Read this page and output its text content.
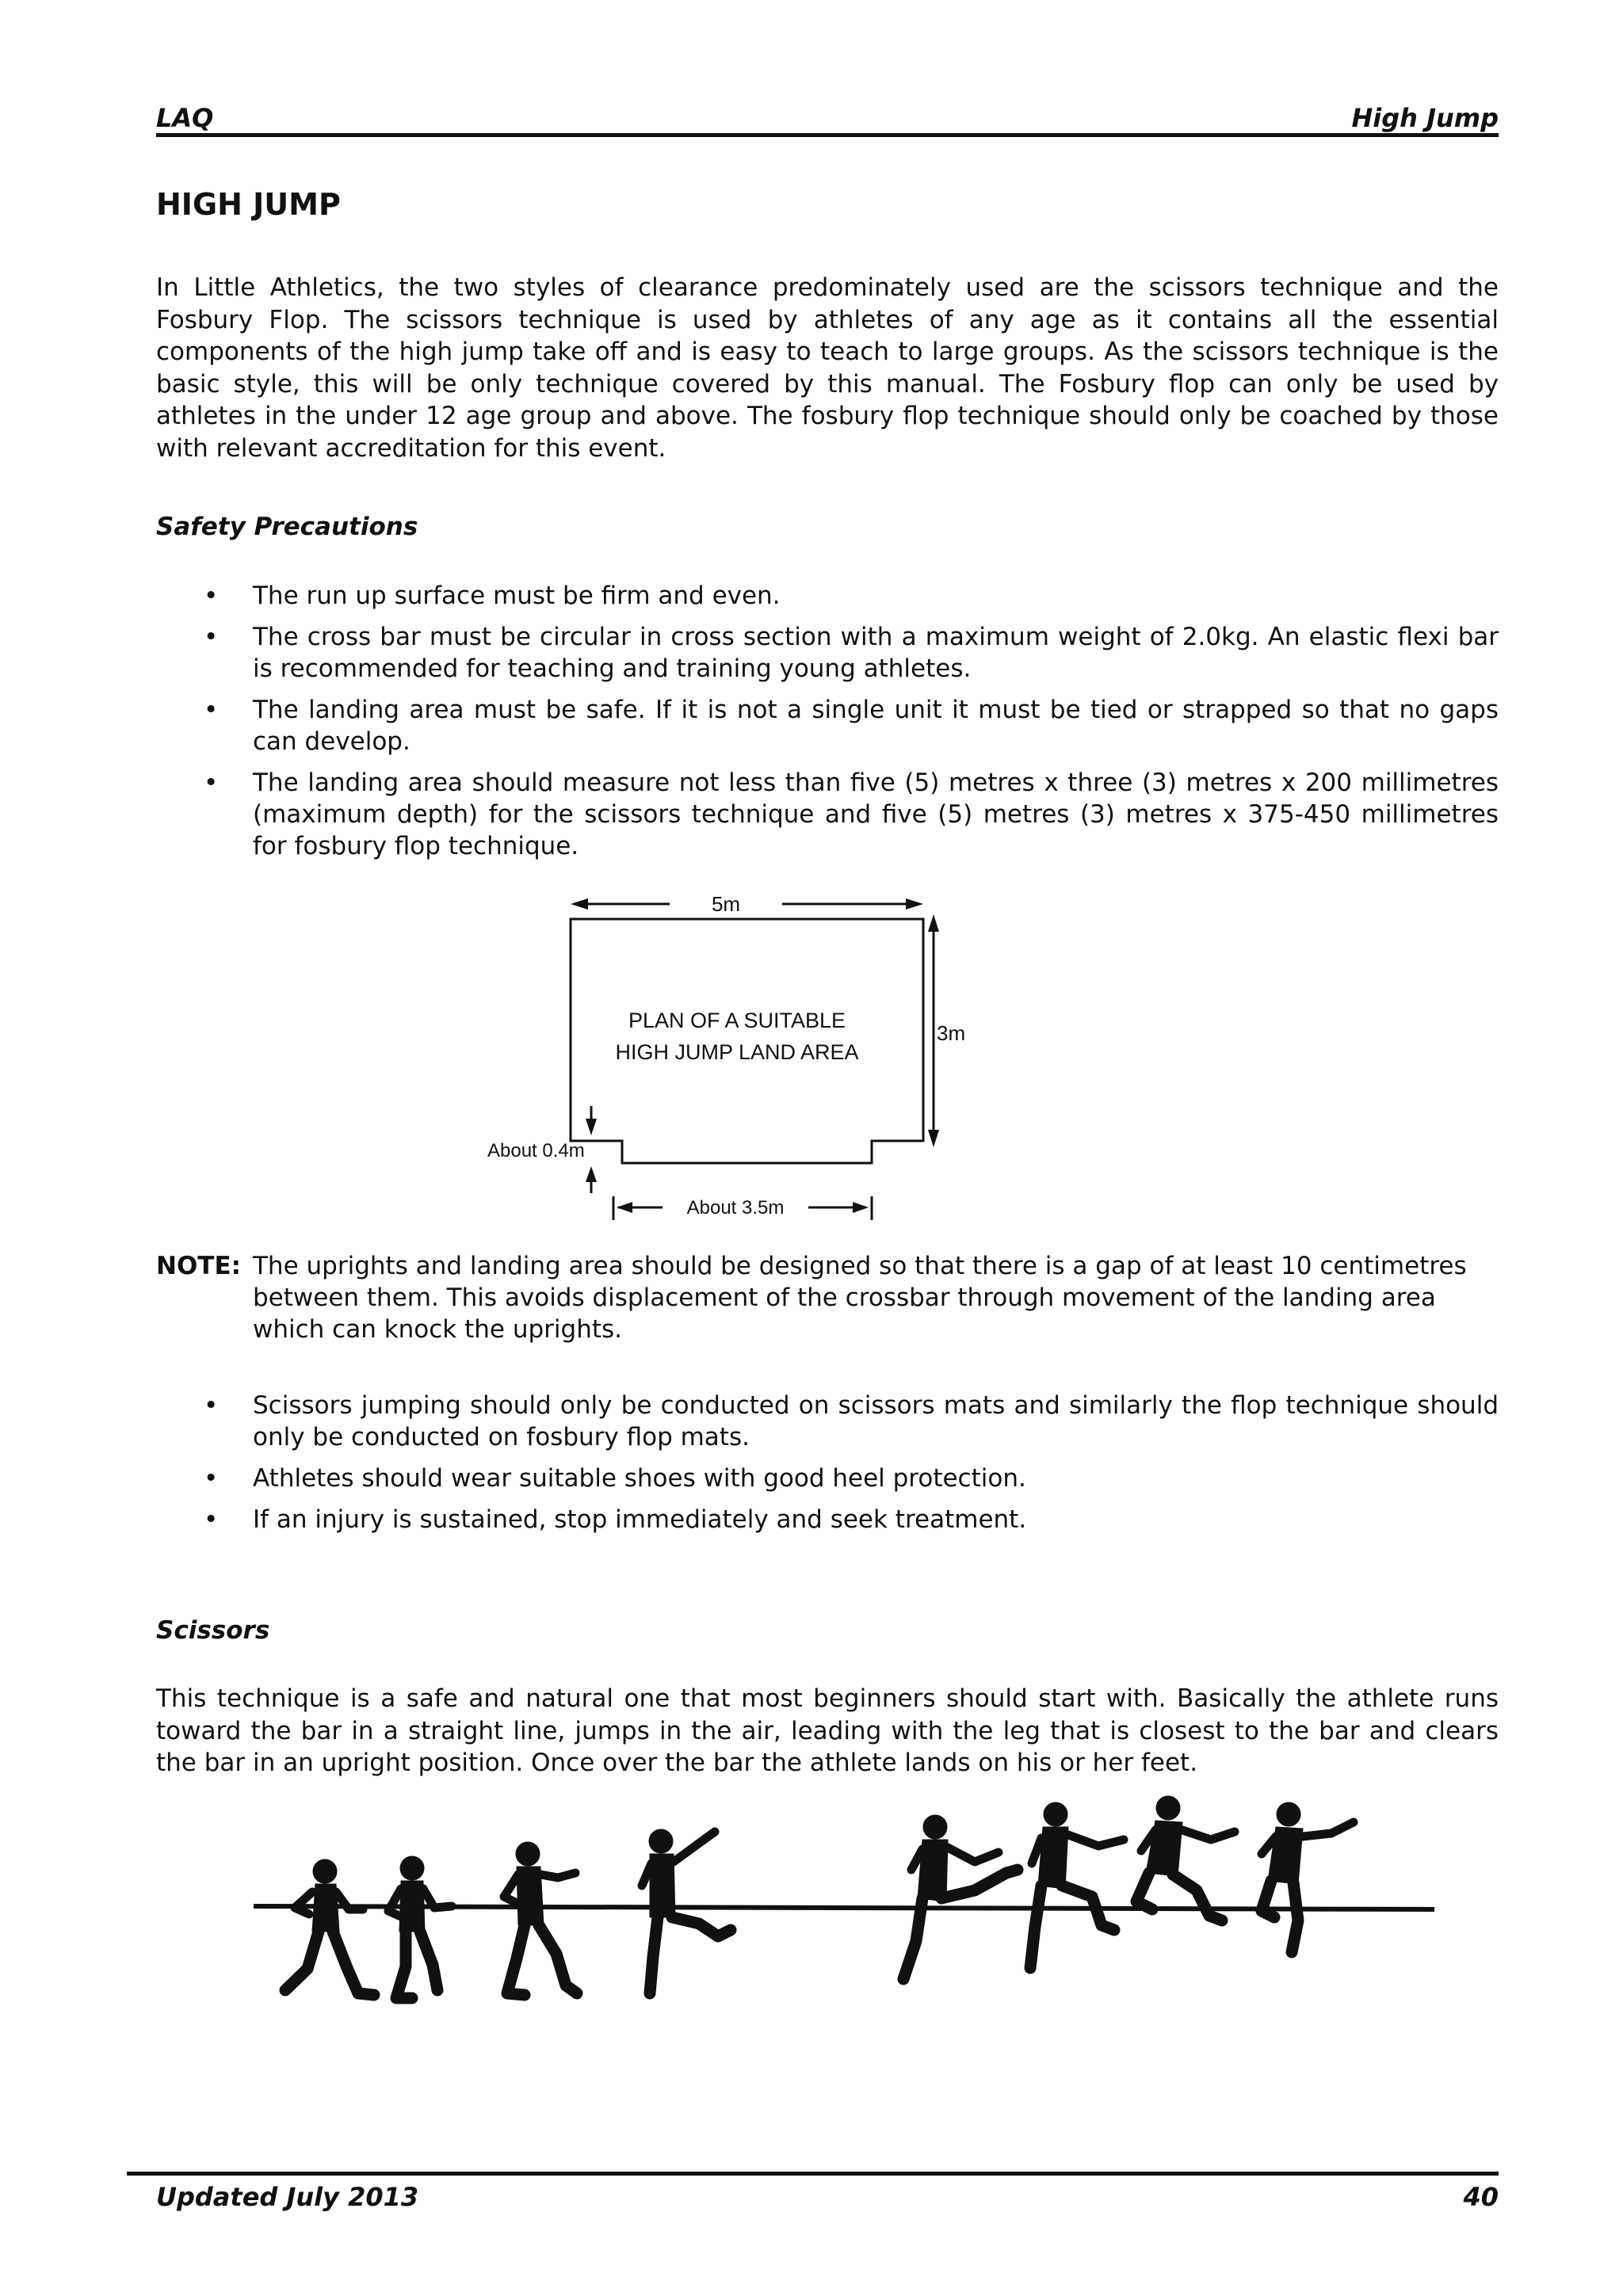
LAQ	High Jump
HIGH JUMP
In Little Athletics, the two styles of clearance predominately used are the scissors technique and the Fosbury Flop. The scissors technique is used by athletes of any age as it contains all the essential components of the high jump take off and is easy to teach to large groups. As the scissors technique is the basic style, this will be only technique covered by this manual. The Fosbury flop can only be used by athletes in the under 12 age group and above. The fosbury flop technique should only be coached by those with relevant accreditation for this event.
Safety Precautions
• The run up surface must be firm and even.
• The cross bar must be circular in cross section with a maximum weight of 2.0kg. An elastic flexi bar is recommended for teaching and training young athletes.
• The landing area must be safe. If it is not a single unit it must be tied or strapped so that no gaps can develop.
• The landing area should measure not less than five (5) metres x three (3) metres x 200 millimetres (maximum depth) for the scissors technique and five (5) metres (3) metres x 375-450 millimetres for fosbury flop technique.
5m
3m
PLAN OF A SUITABLE
HIGH JUMP LAND AREA
About 0.4m
About 3.5m
NOTE: The uprights and landing area should be designed so that there is a gap of at least 10 centimetres between them. This avoids displacement of the crossbar through movement of the landing area which can knock the uprights.
• Scissors jumping should only be conducted on scissors mats and similarly the flop technique should only be conducted on fosbury flop mats.
• Athletes should wear suitable shoes with good heel protection.
• If an injury is sustained, stop immediately and seek treatment.
Scissors
This technique is a safe and natural one that most beginners should start with. Basically the athlete runs toward the bar in a straight line, jumps in the air, leading with the leg that is closest to the bar and clears the bar in an upright position. Once over the bar the athlete lands on his or her feet.
Updated July 2013	40
